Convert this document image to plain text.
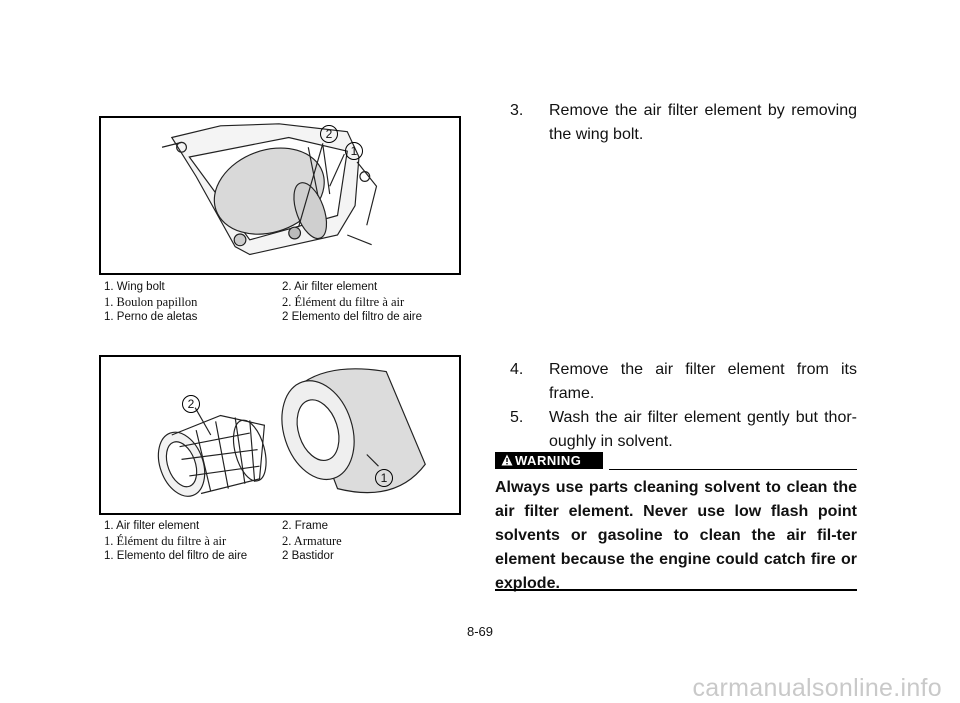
2
1
1. Wing bolt	2. Air filter element
1. Boulon papillon	2. Élément du filtre à air
1. Perno de aletas	2 Elemento del filtro de aire
2
1
1. Air filter element	2. Frame
1. Élément du filtre à air	2. Armature
1. Elemento del filtro de aire	2 Bastidor
3.	Remove the air filter element by removing the wing bolt.
4.	Remove the air filter element from its frame.
5.	Wash the air filter element gently but thor-oughly in solvent.
WARNING
Always use parts cleaning solvent to clean the air filter element. Never use low flash point solvents or gasoline to clean the air fil-ter element because the engine could catch fire or explode.
8-69
carmanualsonline.info
